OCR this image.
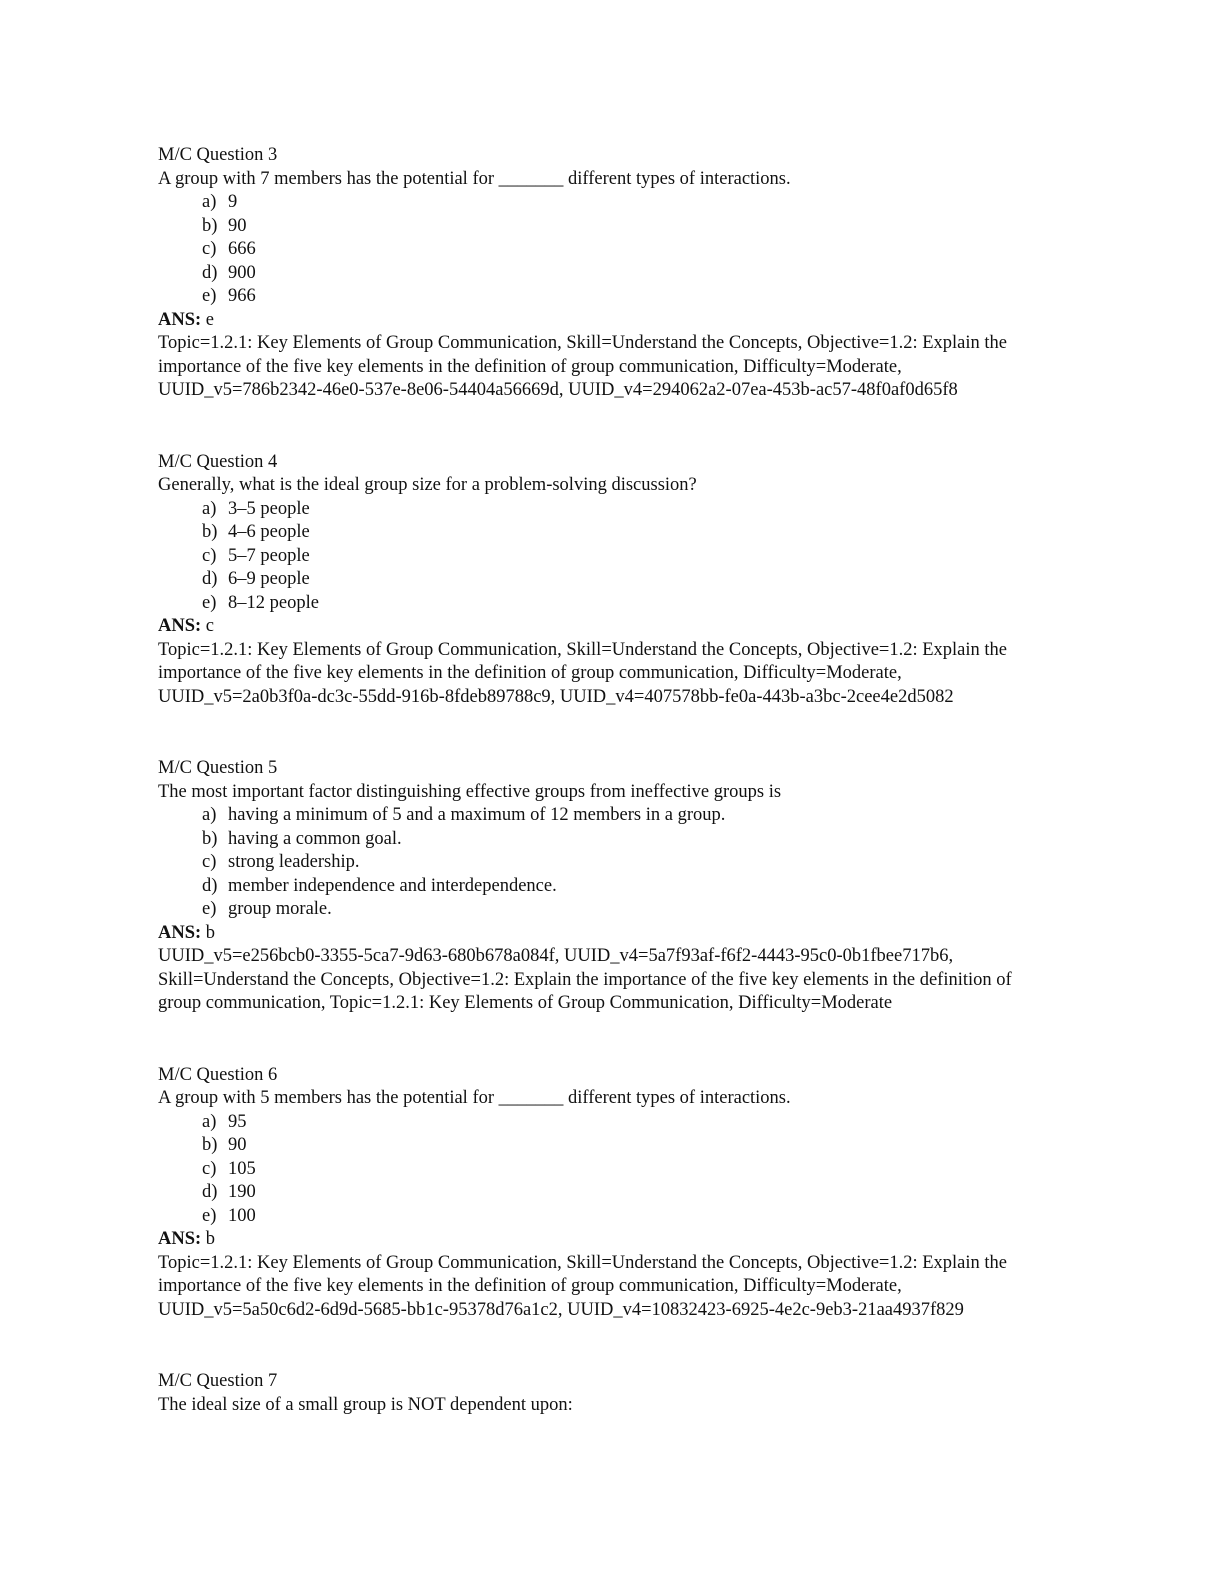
M/C Question 3

A group with 7 members has the potential for _______ different types of interactions.

a) 9
b) 90
c) 666
d) 900
e) 966

ANS: e

Topic=1.2.1: Key Elements of Group Communication, Skill=Understand the Concepts, Objective=1.2: Explain the importance of the five key elements in the definition of group communication, Difficulty=Moderate, UUID_v5=786b2342-46e0-537e-8e06-54404a56669d, UUID_v4=294062a2-07ea-453b-ac57-48f0af0d65f8

M/C Question 4

Generally, what is the ideal group size for a problem-solving discussion?

a) 3–5 people
b) 4–6 people
c) 5–7 people
d) 6–9 people
e) 8–12 people

ANS: c

Topic=1.2.1: Key Elements of Group Communication, Skill=Understand the Concepts, Objective=1.2: Explain the importance of the five key elements in the definition of group communication, Difficulty=Moderate, UUID_v5=2a0b3f0a-dc3c-55dd-916b-8fdeb89788c9, UUID_v4=407578bb-fe0a-443b-a3bc-2cee4e2d5082

M/C Question 5

The most important factor distinguishing effective groups from ineffective groups is

a) having a minimum of 5 and a maximum of 12 members in a group.
b) having a common goal.
c) strong leadership.
d) member independence and interdependence.
e) group morale.

ANS: b

UUID_v5=e256bcb0-3355-5ca7-9d63-680b678a084f, UUID_v4=5a7f93af-f6f2-4443-95c0-0b1fbee717b6, Skill=Understand the Concepts, Objective=1.2: Explain the importance of the five key elements in the definition of group communication, Topic=1.2.1: Key Elements of Group Communication, Difficulty=Moderate

M/C Question 6

A group with 5 members has the potential for _______ different types of interactions.

a) 95
b) 90
c) 105
d) 190
e) 100

ANS: b

Topic=1.2.1: Key Elements of Group Communication, Skill=Understand the Concepts, Objective=1.2: Explain the importance of the five key elements in the definition of group communication, Difficulty=Moderate, UUID_v5=5a50c6d2-6d9d-5685-bb1c-95378d76a1c2, UUID_v4=10832423-6925-4e2c-9eb3-21aa4937f829

M/C Question 7

The ideal size of a small group is NOT dependent upon:
